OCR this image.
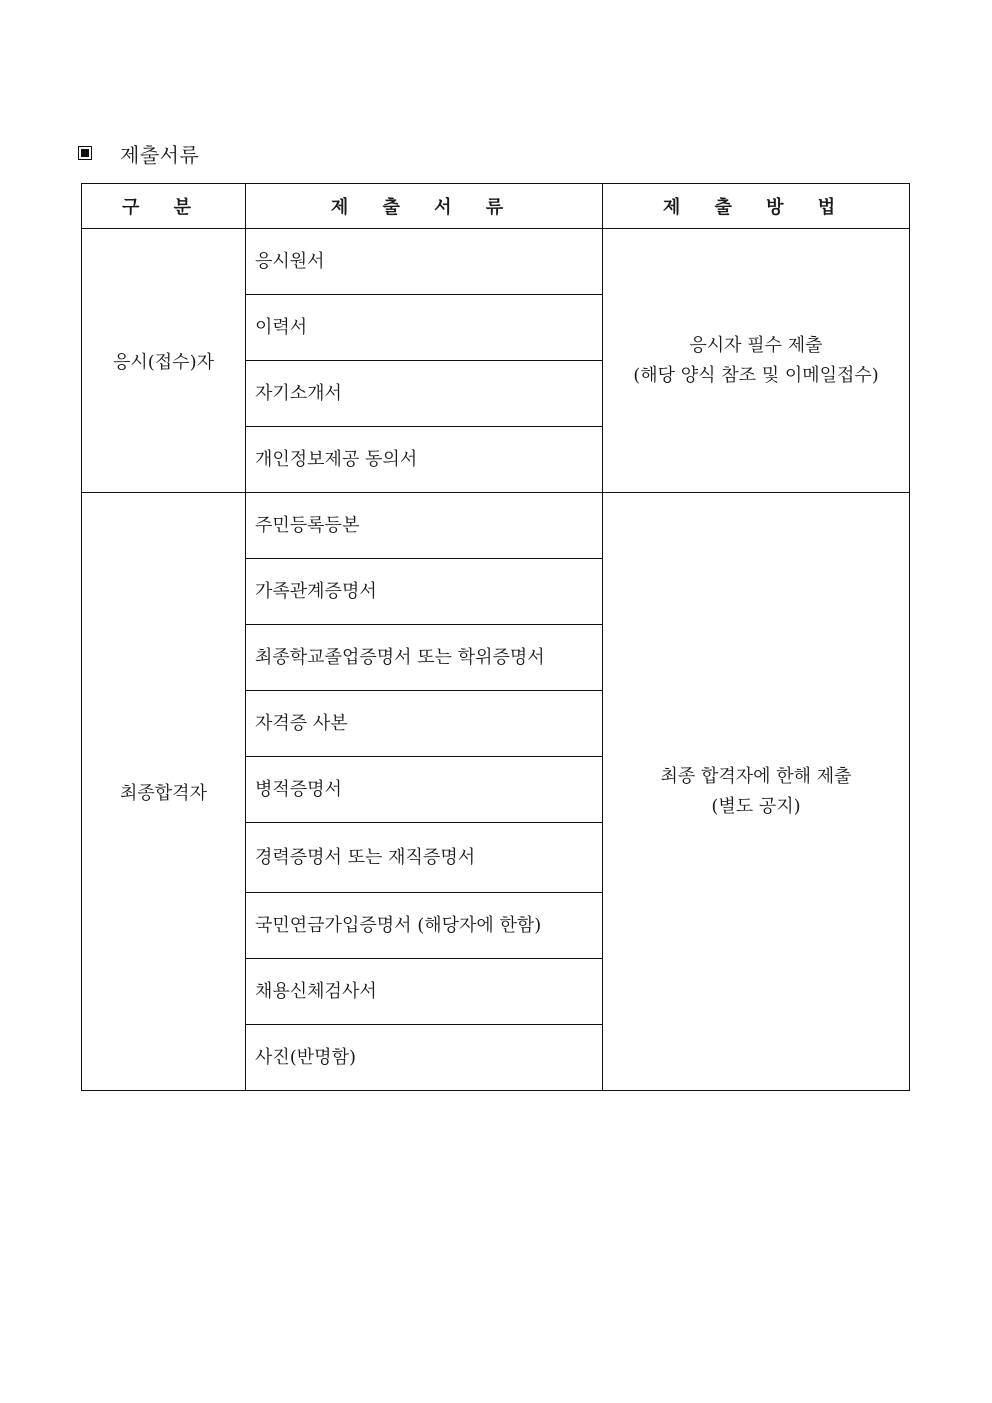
제출서류
구 분	제 출 서 류	제 출 방 법
응시(접수)자	응시원서	응시자 필수 제출
(해당 양식 참조 및 이메일접수)

	이력서	
	자기소개서	
	개인정보제공 동의서	
최종합격자	주민등록등본	최종 합격자에 한해 제출
(별도 공지)

	가족관계증명서	
	최종학교졸업증명서 또는 학위증명서	
	자격증 사본	
	병적증명서	
	경력증명서 또는 재직증명서	
	국민연금가입증명서 (해당자에 한함)	
	채용신체검사서	
	사진(반명함)	
